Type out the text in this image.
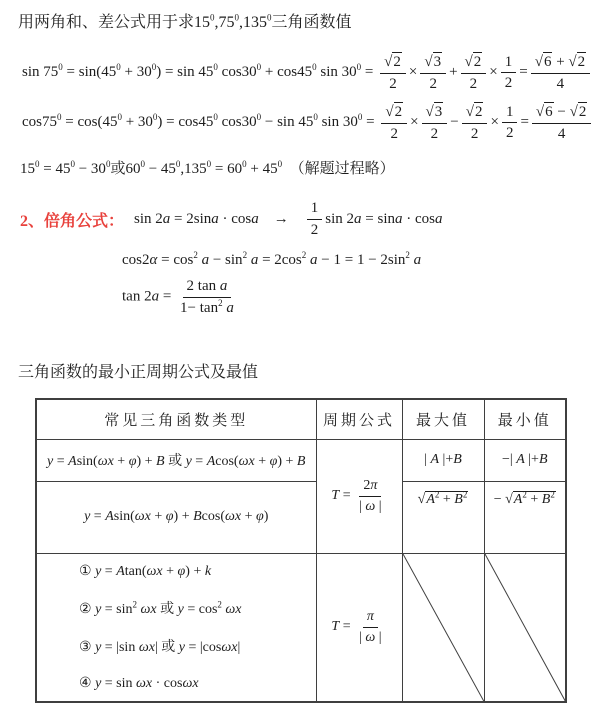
用两角和、差公式用于求$15^0,75^0,135^0$三角函数值
$\sin 75^0 = \sin(45^0 + 30^0) = \sin 45^0$ $\cos 30^0 + \cos 45^0$ $\sin 30^0 = \frac{√2}{2} \times \frac{√3}{2} + \frac{√2}{2} \times \frac{1}{2} = \frac{√6 + √2}{4}$
$\cos 75^0 = \cos(45^0 + 30^0) = \cos 45^0$ $\cos 30^0 - \sin 45^0$ $\sin 30^0 = \frac{√2}{2} \times \frac{√3}{2} - \frac{√2}{2} \times \frac{1}{2} = \frac{√6 - √2}{4}$
$15^0 = 45^0 - 30^0$或$60^0 - 45^0,135^0 = 60^0 + 45^0$　（解题过程略）
2、倍角公式： sin 2a = 2sina · cosa　→　 $\frac{1}{2}$ sin 2a = sina · cosa
$\cos 2\alpha = \cos^2 a - \sin^2 a = 2\cos^2$ $a - 1 = 1 - 2\sin^2$ a
$\tan 2a = \frac{\text{2 tan a}}{1- \tan^2 a}$
三角函数的最小正周期公式及最值
常见三角函数类型	周期公式	最大值	最小值
y = Asin(ωx + φ) + B 或 y = Acos(ωx + φ) + B	$T = \frac{2\pi}{| \omega |}$	| A |+B	−| A |+B
y = Asin(ωx + φ) + Bcos(ωx + φ)		$√A^2 + B^2$	− $√A^2 + B^2$

① y = Atan(ωx + φ) + k
② $y = \sin^2 \omega x$ 或 $y = \cos^2 \omega x$
③ y = |sin ωx| 或 y = |cosωx|
④ y = sin ωx · cosωx
	$T = \frac{\pi}{| \omega |}$
